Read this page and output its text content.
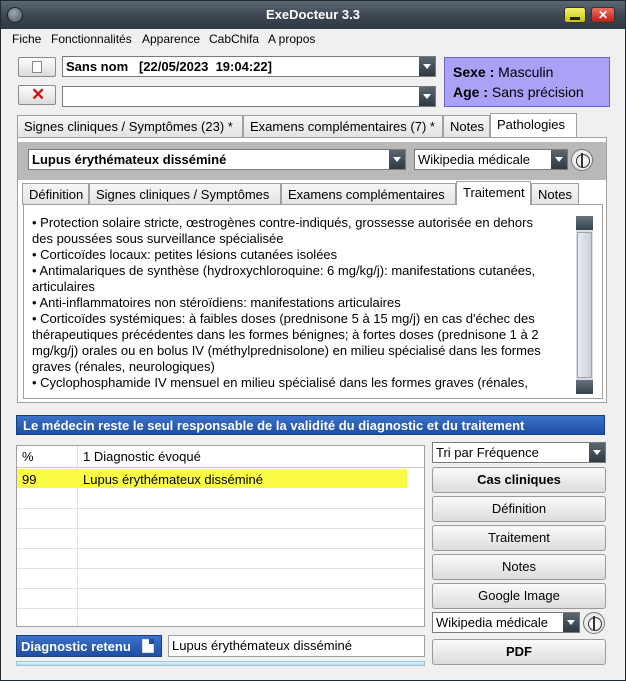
ExeDocteur 3.3	✕
Fiche Fonctionnalités Apparence CabChifa A propos
Sans nom   [22/05/2023  19:04:22]
✕
Sexe : Masculin
Age : Sans précision
Signes cliniques / Symptômes (23) *	Examens complémentaires (7) *	Notes	Pathologies
Lupus érythémateux disséminé	Wikipedia médicale
Définition Signes cliniques / Symptômes	Examens complémentaires	Traitement	Notes
• Protection solaire stricte, œstrogènes contre-indiqués, grossesse autorisée en dehors
des poussées sous surveillance spécialisée
• Corticoïdes locaux: petites lésions cutanées isolées
• Antimalariques de synthèse (hydroxychloroquine: 6 mg/kg/j): manifestations cutanées,
articulaires
• Anti-inflammatoires non stéroïdiens: manifestations articulaires
• Corticoïdes systémiques: à faibles doses (prednisone 5 à 15 mg/j) en cas d'échec des
thérapeutiques précédentes dans les formes bénignes; à fortes doses (prednisone 1 à 2
mg/kg/j) orales ou en bolus IV (méthylprednisolone) en milieu spécialisé dans les formes
graves (rénales, neurologiques)
• Cyclophosphamide IV mensuel en milieu spécialisé dans les formes graves (rénales,
Le médecin reste le seul responsable de la validité du diagnostic et du traitement
%	1 Diagnostic évoqué
99	Lupus érythémateux disséminé
Tri par Fréquence
Cas cliniques
Définition
Traitement
Notes
Google Image
Wikipedia médicale
PDF
Diagnostic retenu	Lupus érythémateux disséminé
